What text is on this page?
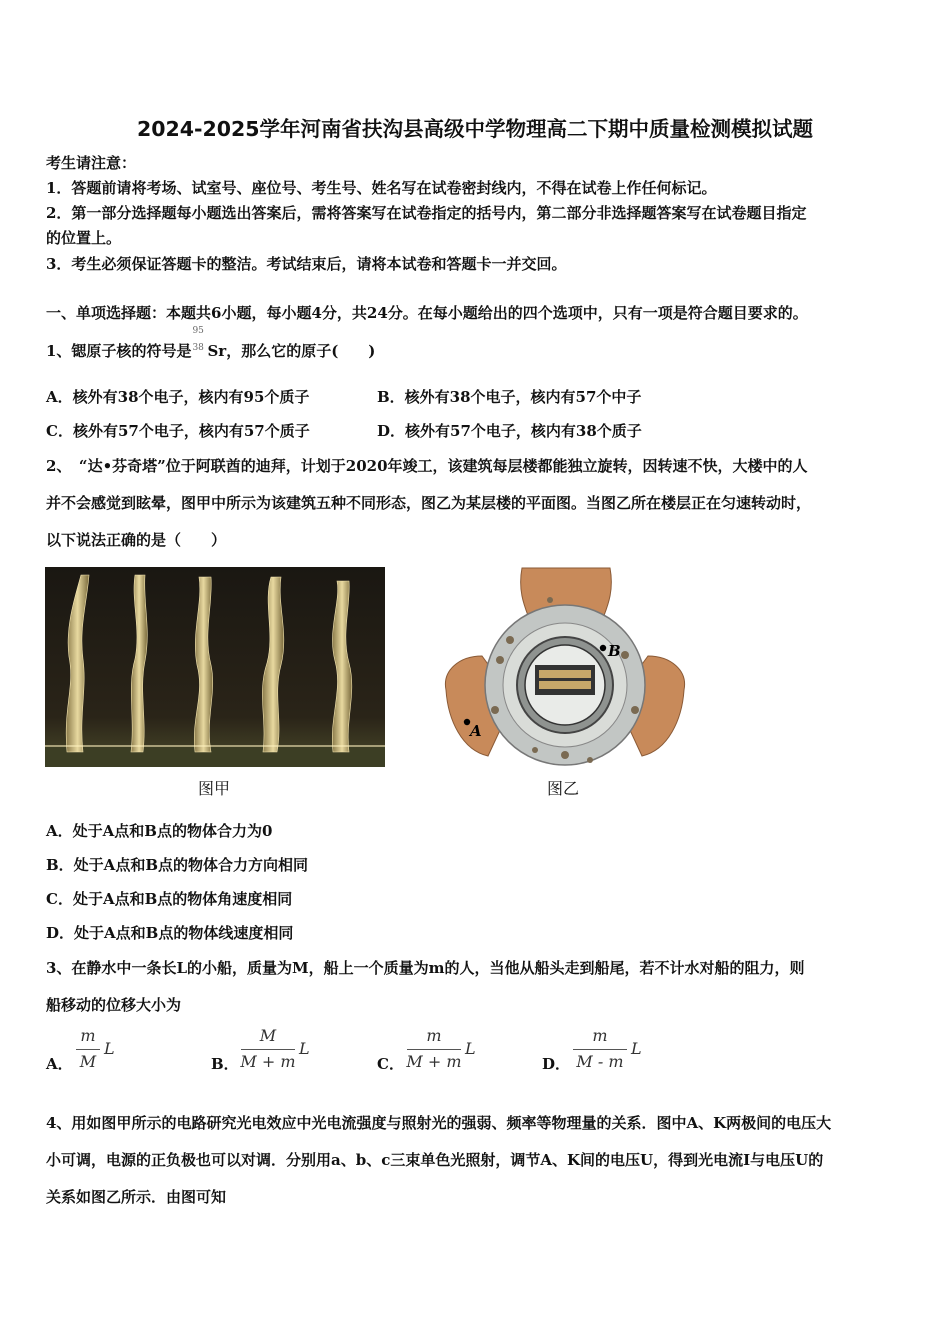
2024-2025学年河南省扶沟县高级中学物理高二下期中质量检测模拟试题
考生请注意：
1．答题前请将考场、试室号、座位号、考生号、姓名写在试卷密封线内，不得在试卷上作任何标记。
2．第一部分选择题每小题选出答案后，需将答案写在试卷指定的括号内，第二部分非选择题答案写在试卷题目指定
的位置上。
3．考生必须保证答题卡的整洁。考试结束后，请将本试卷和答题卡一并交回。
一、单项选择题：本题共6小题，每小题4分，共24分。在每小题给出的四个选项中，只有一项是符合题目要求的。
1、锶原子核的符号是
95
38 Sr，那么它的原子(　　)
A．核外有38个电子，核内有95个质子	B．核外有38个电子，核内有57个中子
C．核外有57个电子，核内有57个质子	D．核外有57个电子，核内有38个质子
2、　“达•芬奇塔”位于阿联酋的迪拜，计划于2020年竣工，该建筑每层楼都能独立旋转，因转速不快，大楼中的人
并不会感觉到眩晕，图甲中所示为该建筑五种不同形态，图乙为某层楼的平面图。当图乙所在楼层正在匀速转动时，
以下说法正确的是（　　）
图甲
B
A
图乙
A．处于A点和B点的物体合力为0
B．处于A点和B点的物体合力方向相同
C．处于A点和B点的物体角速度相同
D．处于A点和B点的物体线速度相同
3、在静水中一条长L的小船，质量为M，船上一个质量为m的人，当他从船头走到船尾，若不计水对船的阻力，则
船移动的位移大小为
A．
m
M
L
B．
M
M + m
L
C．
m
M + m
L
D．
m
M - m
L
4、用如图甲所示的电路研究光电效应中光电流强度与照射光的强弱、频率等物理量的关系．图中A、K两极间的电压大
小可调，电源的正负极也可以对调．分别用a、b、c三束单色光照射，调节A、K间的电压U，得到光电流I与电压U的
关系如图乙所示．由图可知
